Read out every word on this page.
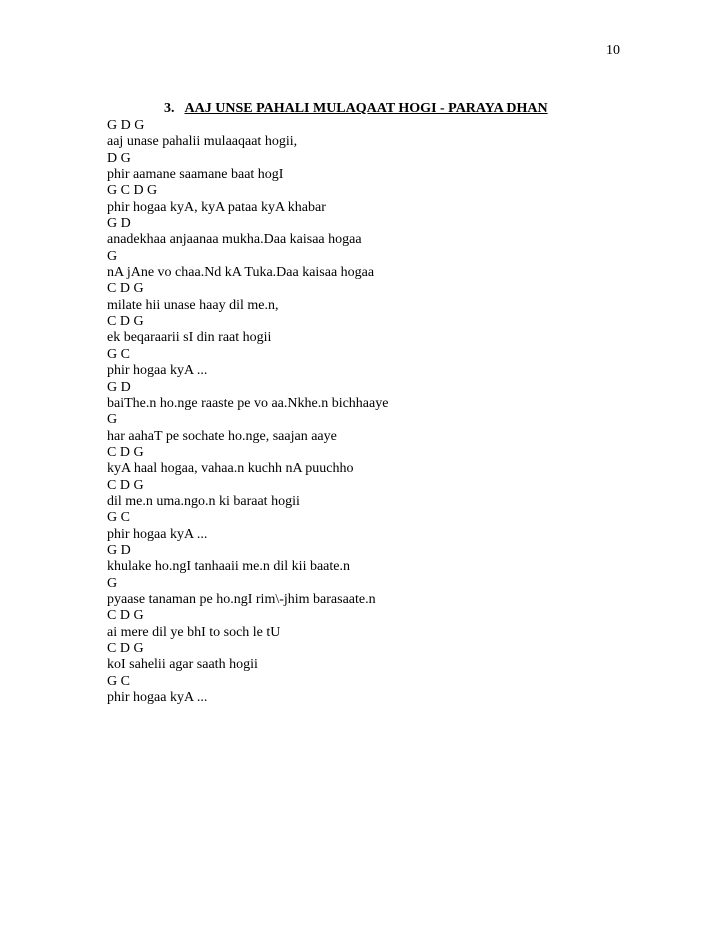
10
3. AAJ UNSE PAHALI MULAQAAT HOGI - PARAYA DHAN
G D G
aaj unase pahalii mulaaqaat hogii,
D G
phir aamane saamane baat hogI
G C D G
phir hogaa kyA, kyA pataa kyA khabar
G D
anadekhaa anjaanaa mukha.Daa kaisaa hogaa
G
nA jAne vo chaa.Nd kA Tuka.Daa kaisaa hogaa
C D G
milate hii unase haay dil me.n,
C D G
ek beqaraarii sI din raat hogii
G C
phir hogaa kyA ...
G D
baiThe.n ho.nge raaste pe vo aa.Nkhe.n bichhaaye
G
har aahaT pe sochate ho.nge, saajan aaye
C D G
kyA haal hogaa, vahaa.n kuchh nA puuchho
C D G
dil me.n uma.ngo.n ki baraat hogii
G C
phir hogaa kyA ...
G D
khulake ho.ngI tanhaaii me.n dil kii baate.n
G
pyaase tanaman pe ho.ngI rim\-jhim barasaate.n
C D G
ai mere dil ye bhI to soch le tU
C D G
koI sahelii agar saath hogii
G C
phir hogaa kyA ...
